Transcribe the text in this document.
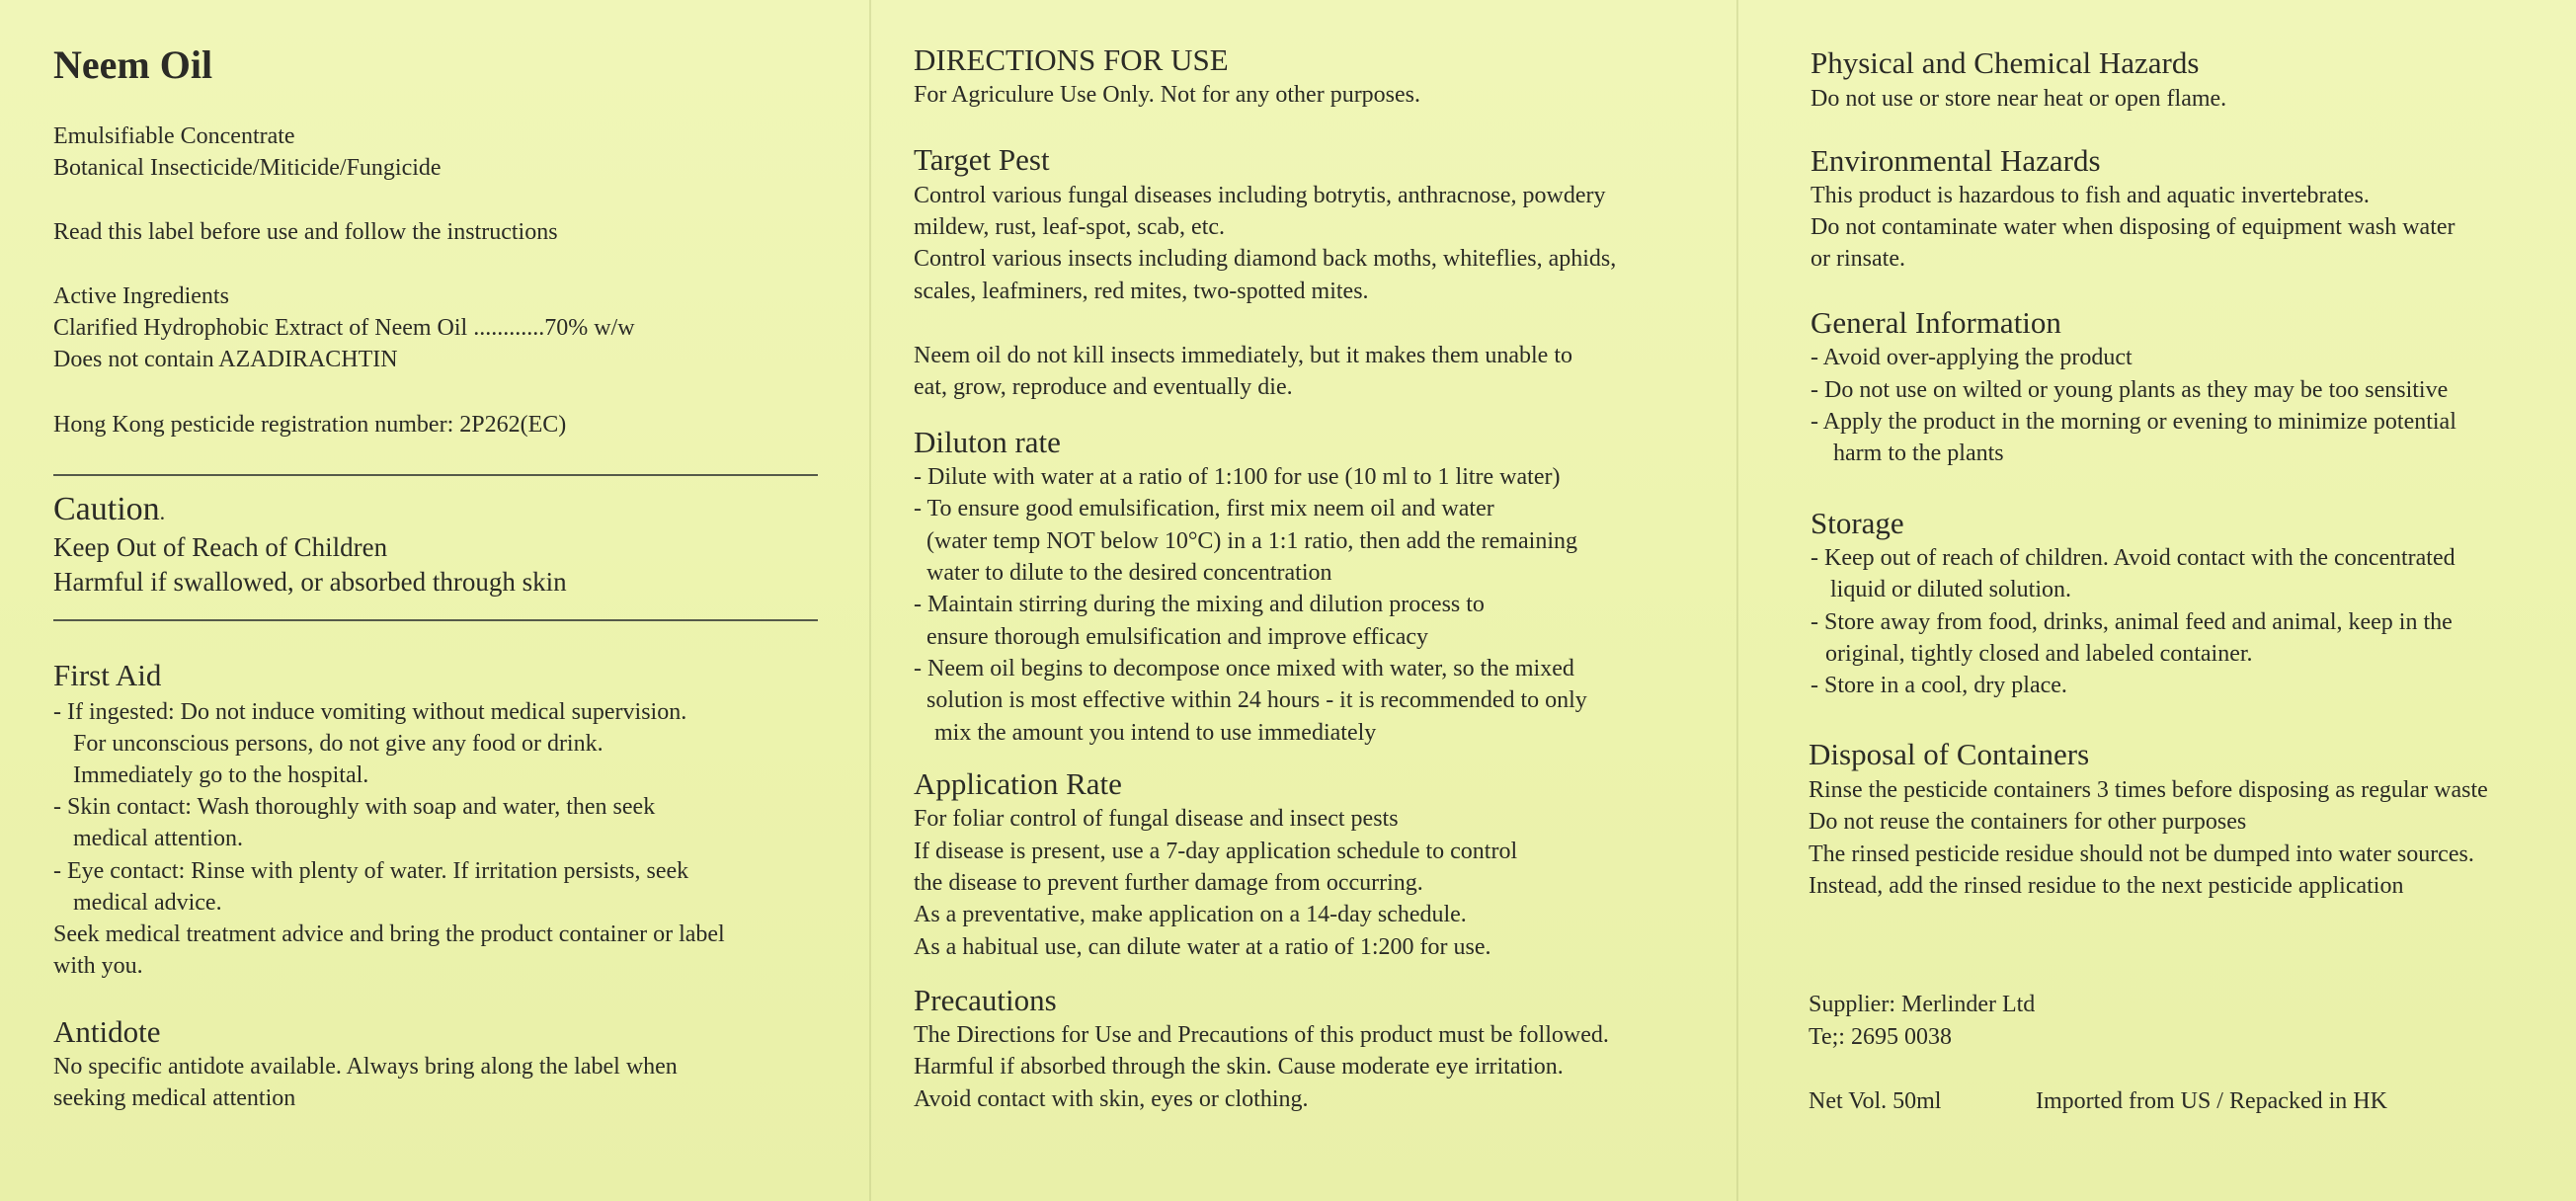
Neem Oil
Emulsifiable Concentrate
Botanical Insecticide/Miticide/Fungicide
Read this label before use and follow the instructions
Active Ingredients
Clarified Hydrophobic Extract of Neem Oil ............70% w/w
Does not contain AZADIRACHTIN
Hong Kong pesticide registration number: 2P262(EC)
Caution.
Keep Out of Reach of Children
Harmful if swallowed, or absorbed through skin
First Aid
- If ingested: Do not induce vomiting without medical supervision.
For unconscious persons, do not give any food or drink.
Immediately go to the hospital.
- Skin contact: Wash thoroughly with soap and water, then seek
medical attention.
- Eye contact: Rinse with plenty of water. If irritation persists, seek
medical advice.
Seek medical treatment advice and bring the product container or label
with you.
Antidote
No specific antidote available. Always bring along the label when
seeking medical attention
DIRECTIONS FOR USE
For Agriculure Use Only. Not for any other purposes.
Target Pest
Control various fungal diseases including botrytis, anthracnose, powdery
mildew, rust, leaf-spot, scab, etc.
Control various insects including diamond back moths, whiteflies, aphids,
scales, leafminers, red mites, two-spotted mites.
Neem oil do not kill insects immediately, but it makes them unable to
eat, grow, reproduce and eventually die.
Diluton rate
- Dilute with water at a ratio of 1:100 for use (10 ml to 1 litre water)
- To ensure good emulsification, first mix neem oil and water
(water temp NOT below 10°C) in a 1:1 ratio, then add the remaining
water to dilute to the desired concentration
- Maintain stirring during the mixing and dilution process to
ensure thorough emulsification and improve efficacy
- Neem oil begins to decompose once mixed with water, so the mixed
solution is most effective within 24 hours - it is recommended to only
mix the amount you intend to use immediately
Application Rate
For foliar control of fungal disease and insect pests
If disease is present, use a 7-day application schedule to control
the disease to prevent further damage from occurring.
As a preventative, make application on a 14-day schedule.
As a habitual use, can dilute water at a ratio of 1:200 for use.
Precautions
The Directions for Use and Precautions of this product must be followed.
Harmful if absorbed through the skin. Cause moderate eye irritation.
Avoid contact with skin, eyes or clothing.
Physical and Chemical Hazards
Do not use or store near heat or open flame.
Environmental Hazards
This product is hazardous to fish and aquatic invertebrates.
Do not contaminate water when disposing of equipment wash water
or rinsate.
General Information
- Avoid over-applying the product
- Do not use on wilted or young plants as they may be too sensitive
- Apply the product in the morning or evening to minimize potential
harm to the plants
Storage
- Keep out of reach of children. Avoid contact with the concentrated
liquid or diluted solution.
- Store away from food, drinks, animal feed and animal, keep in the
original, tightly closed and labeled container.
- Store in a cool, dry place.
Disposal of Containers
Rinse the pesticide containers 3 times before disposing as regular waste
Do not reuse the containers for other purposes
The rinsed pesticide residue should not be dumped into water sources.
Instead, add the rinsed residue to the next pesticide application
Supplier: Merlinder Ltd
Te;: 2695 0038
Net Vol. 50ml	Imported from US / Repacked in HK
